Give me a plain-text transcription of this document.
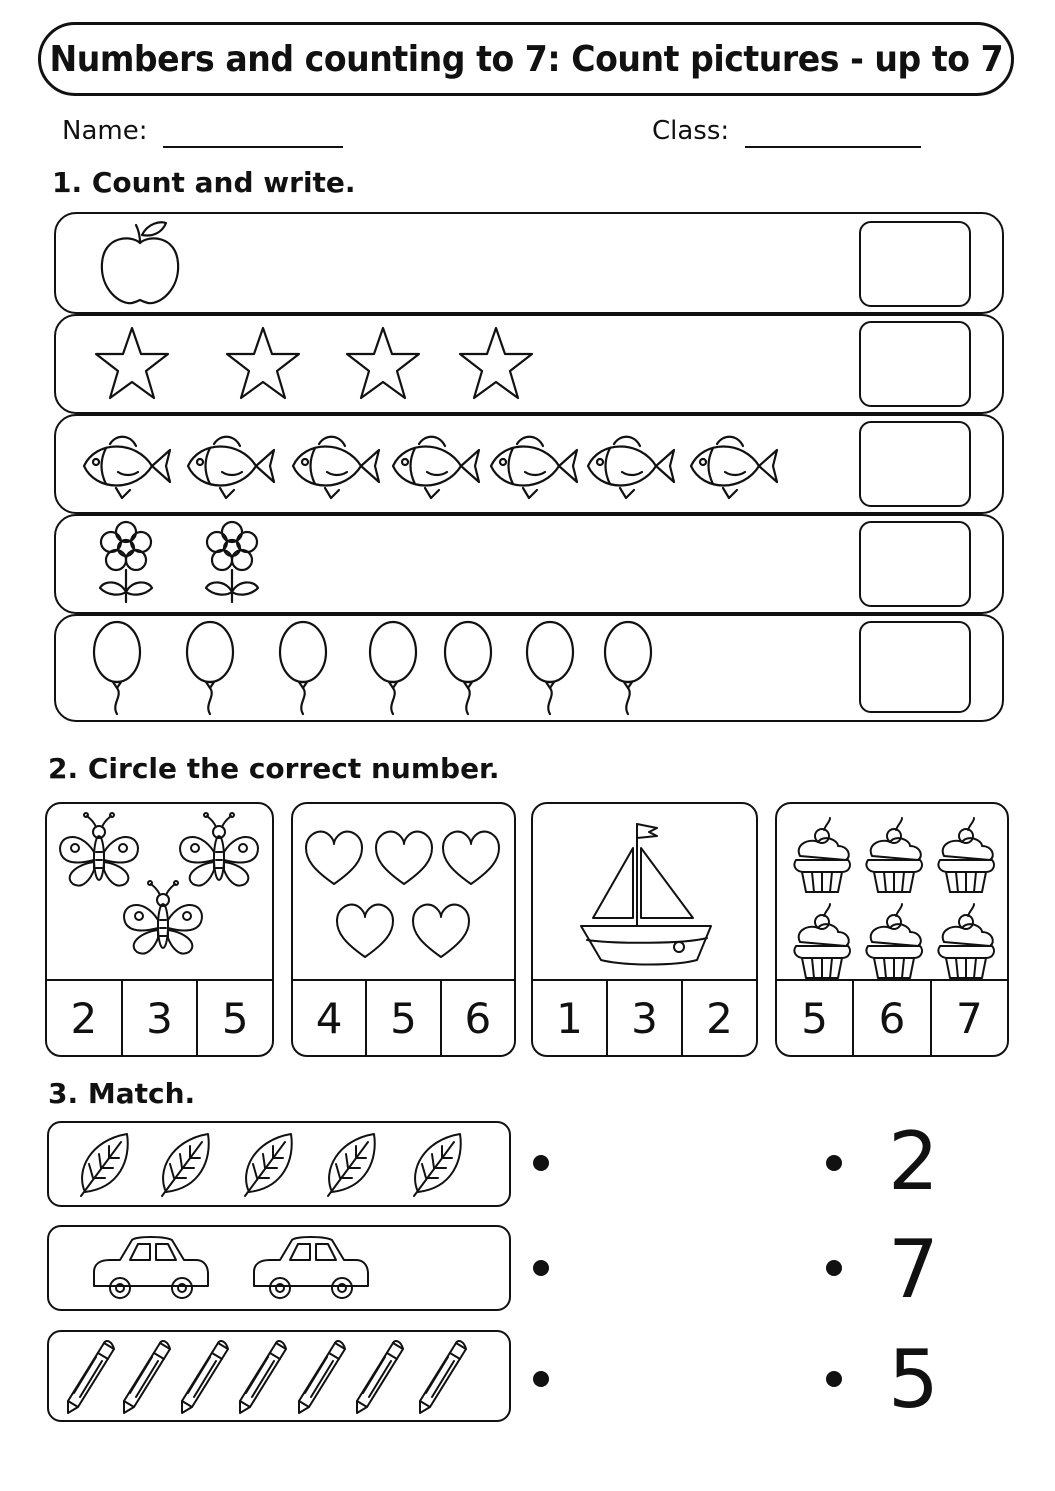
Numbers and counting to 7: Count pictures - up to 7
Name:	Class:
1. Count and write.
2. Circle the correct number.
2	3	5	4	5	6	1	3	2	5	6	7
3. Match.
2
7
5
